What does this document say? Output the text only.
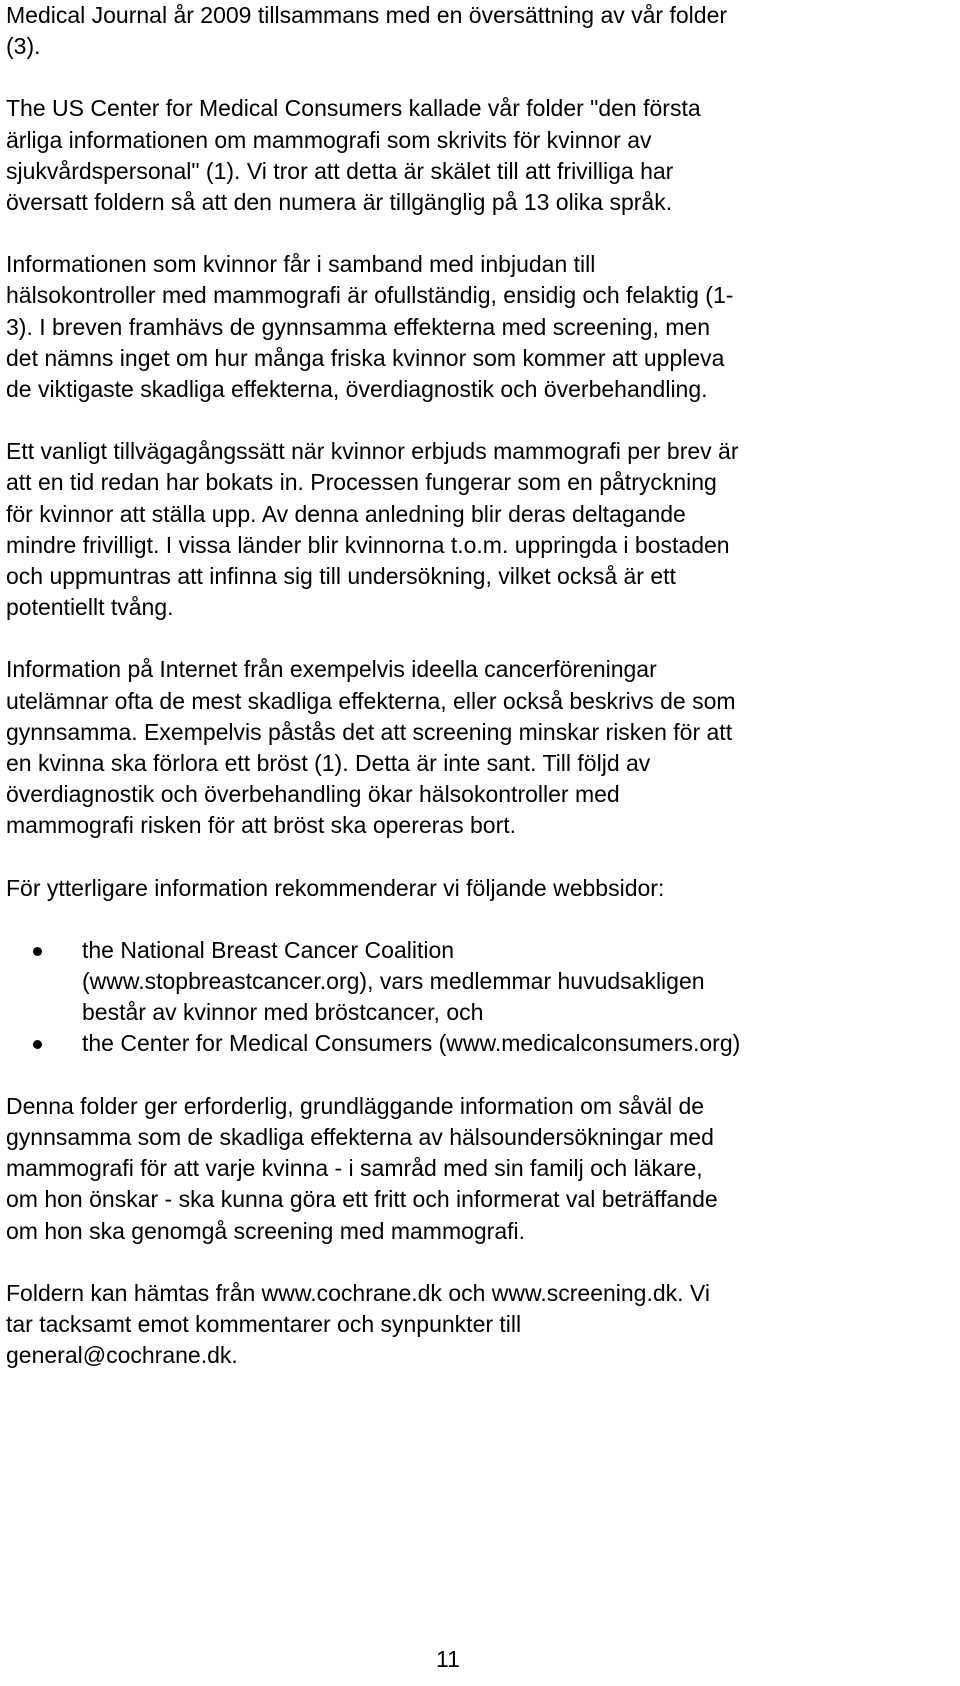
Medical Journal år 2009 tillsammans med en översättning av vår folder
(3).

The US Center for Medical Consumers kallade vår folder "den första
ärliga informationen om mammografi som skrivits för kvinnor av
sjukvårdspersonal" (1). Vi tror att detta är skälet till att frivilliga har
översatt foldern så att den numera är tillgänglig på 13 olika språk.

Informationen som kvinnor får i samband med inbjudan till
hälsokontroller med mammografi är ofullständig, ensidig och felaktig (1-
3). I breven framhävs de gynnsamma effekterna med screening, men
det nämns inget om hur många friska kvinnor som kommer att uppleva
de viktigaste skadliga effekterna, överdiagnostik och överbehandling.

Ett vanligt tillvägagångssätt när kvinnor erbjuds mammografi per brev är
att en tid redan har bokats in. Processen fungerar som en påtryckning
för kvinnor att ställa upp. Av denna anledning blir deras deltagande
mindre frivilligt. I vissa länder blir kvinnorna t.o.m. uppringda i bostaden
och uppmuntras att infinna sig till undersökning, vilket också är ett
potentiellt tvång.

Information på Internet från exempelvis ideella cancerföreningar
utelämnar ofta de mest skadliga effekterna, eller också beskrivs de som
gynnsamma. Exempelvis påstås det att screening minskar risken för att
en kvinna ska förlora ett bröst (1). Detta är inte sant. Till följd av
överdiagnostik och överbehandling ökar hälsokontroller med
mammografi risken för att bröst ska opereras bort.

För ytterligare information rekommenderar vi följande webbsidor:

the National Breast Cancer Coalition
(www.stopbreastcancer.org), vars medlemmar huvudsakligen
består av kvinnor med bröstcancer, och
the Center for Medical Consumers (www.medicalconsumers.org)

Denna folder ger erforderlig, grundläggande information om såväl de
gynnsamma som de skadliga effekterna av hälsoundersökningar med
mammografi för att varje kvinna - i samråd med sin familj och läkare,
om hon önskar - ska kunna göra ett fritt och informerat val beträffande
om hon ska genomgå screening med mammografi.

Foldern kan hämtas från www.cochrane.dk och www.screening.dk. Vi
tar tacksamt emot kommentarer och synpunkter till
general@cochrane.dk.

11
